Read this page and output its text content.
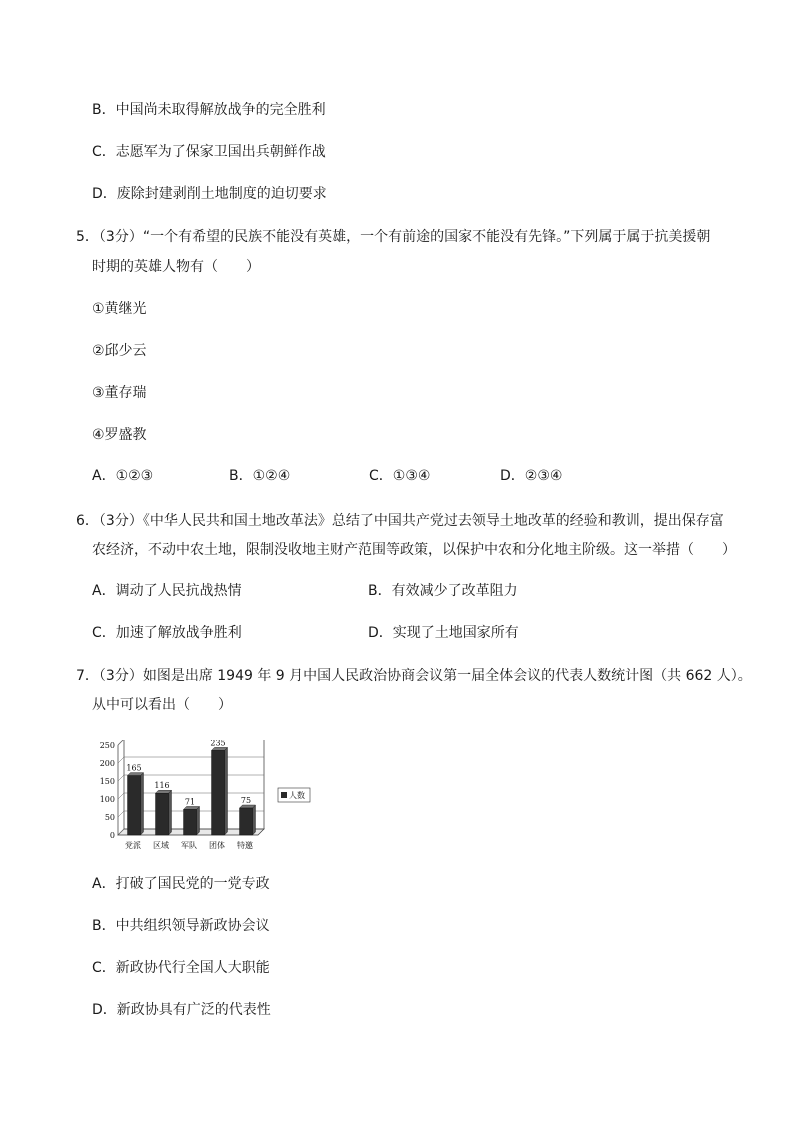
B．中国尚未取得解放战争的完全胜利
C．志愿军为了保家卫国出兵朝鲜作战
D．废除封建剥削土地制度的迫切要求
5．（3分）“一个有希望的民族不能没有英雄，一个有前途的国家不能没有先锋。”下列属于属于抗美援朝
时期的英雄人物有（　　）
①黄继光
②邱少云
③董存瑞
④罗盛教
A．①②③	B．①②④	C．①③④	D．②③④
6．（3分）《中华人民共和国土地改革法》总结了中国共产党过去领导土地改革的经验和教训，提出保存富
农经济，不动中农土地，限制没收地主财产范围等政策，以保护中农和分化地主阶级。这一举措（　　）
A．调动了人民抗战热情	B．有效减少了改革阻力
C．加速了解放战争胜利	D．实现了土地国家所有
7．（3分）如图是出席 1949 年 9 月中国人民政治协商会议第一届全体会议的代表人数统计图（共 662 人）。
从中可以看出（　　）
0
50
100
150
200
250
165
党派
116
区域
71
军队
235
团体
75
特邀
人数
A．打破了国民党的一党专政
B．中共组织领导新政协会议
C．新政协代行全国人大职能
D．新政协具有广泛的代表性
